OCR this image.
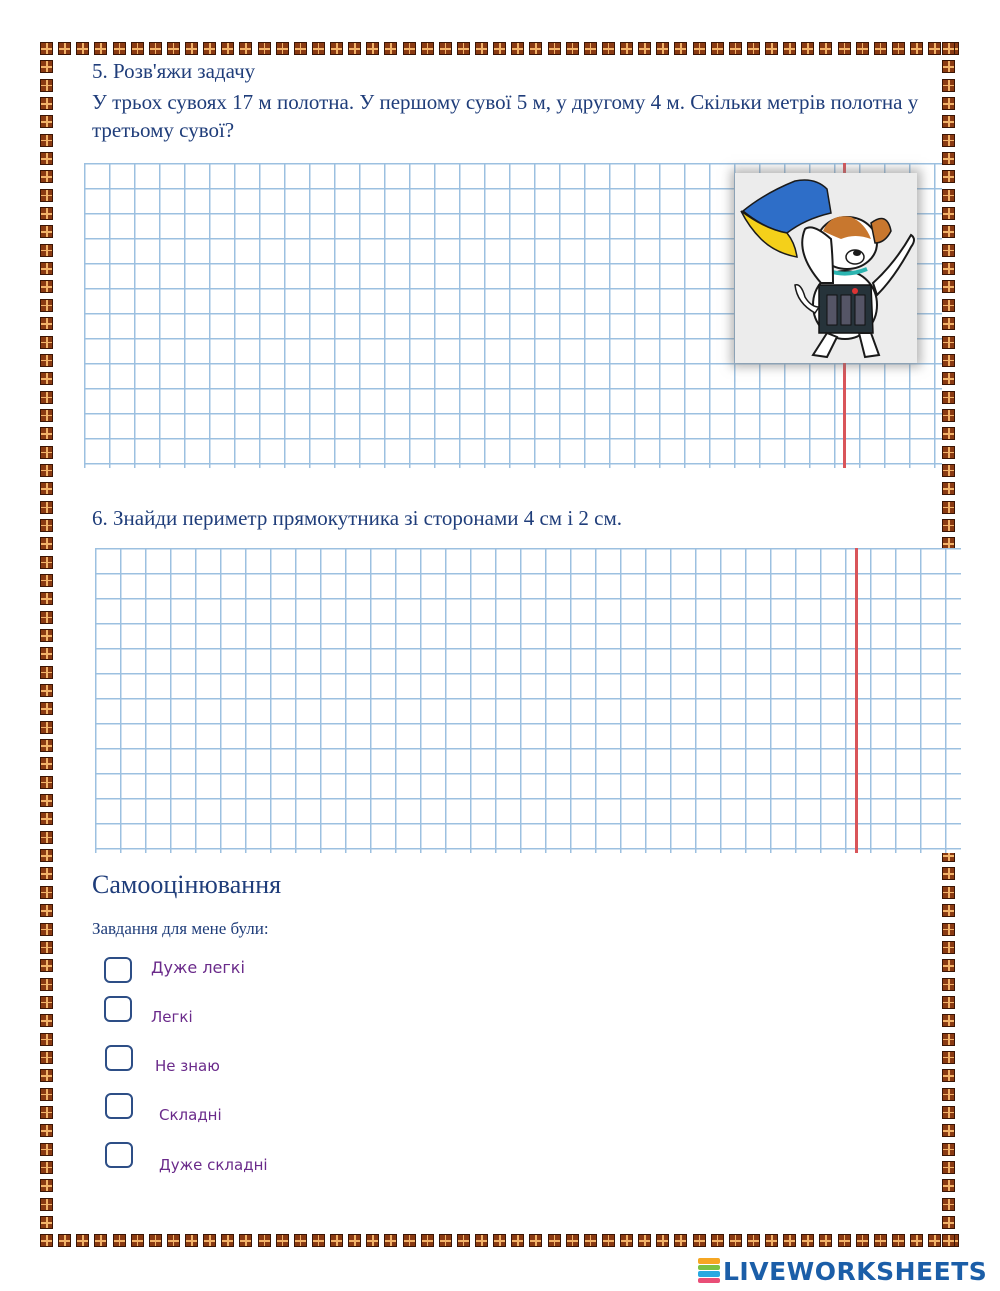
5. Розв'яжи задачу
У трьох сувоях 17 м полотна. У першому сувої 5 м, у другому 4 м. Скільки метрів полотна у третьому сувої?
6. Знайди периметр прямокутника зі сторонами 4 см і 2 см.
Самооцінювання
Завдання для мене були:
Дуже легкі
Легкі
Не знаю
Складні
Дуже складні
LIVEWORKSHEETS
